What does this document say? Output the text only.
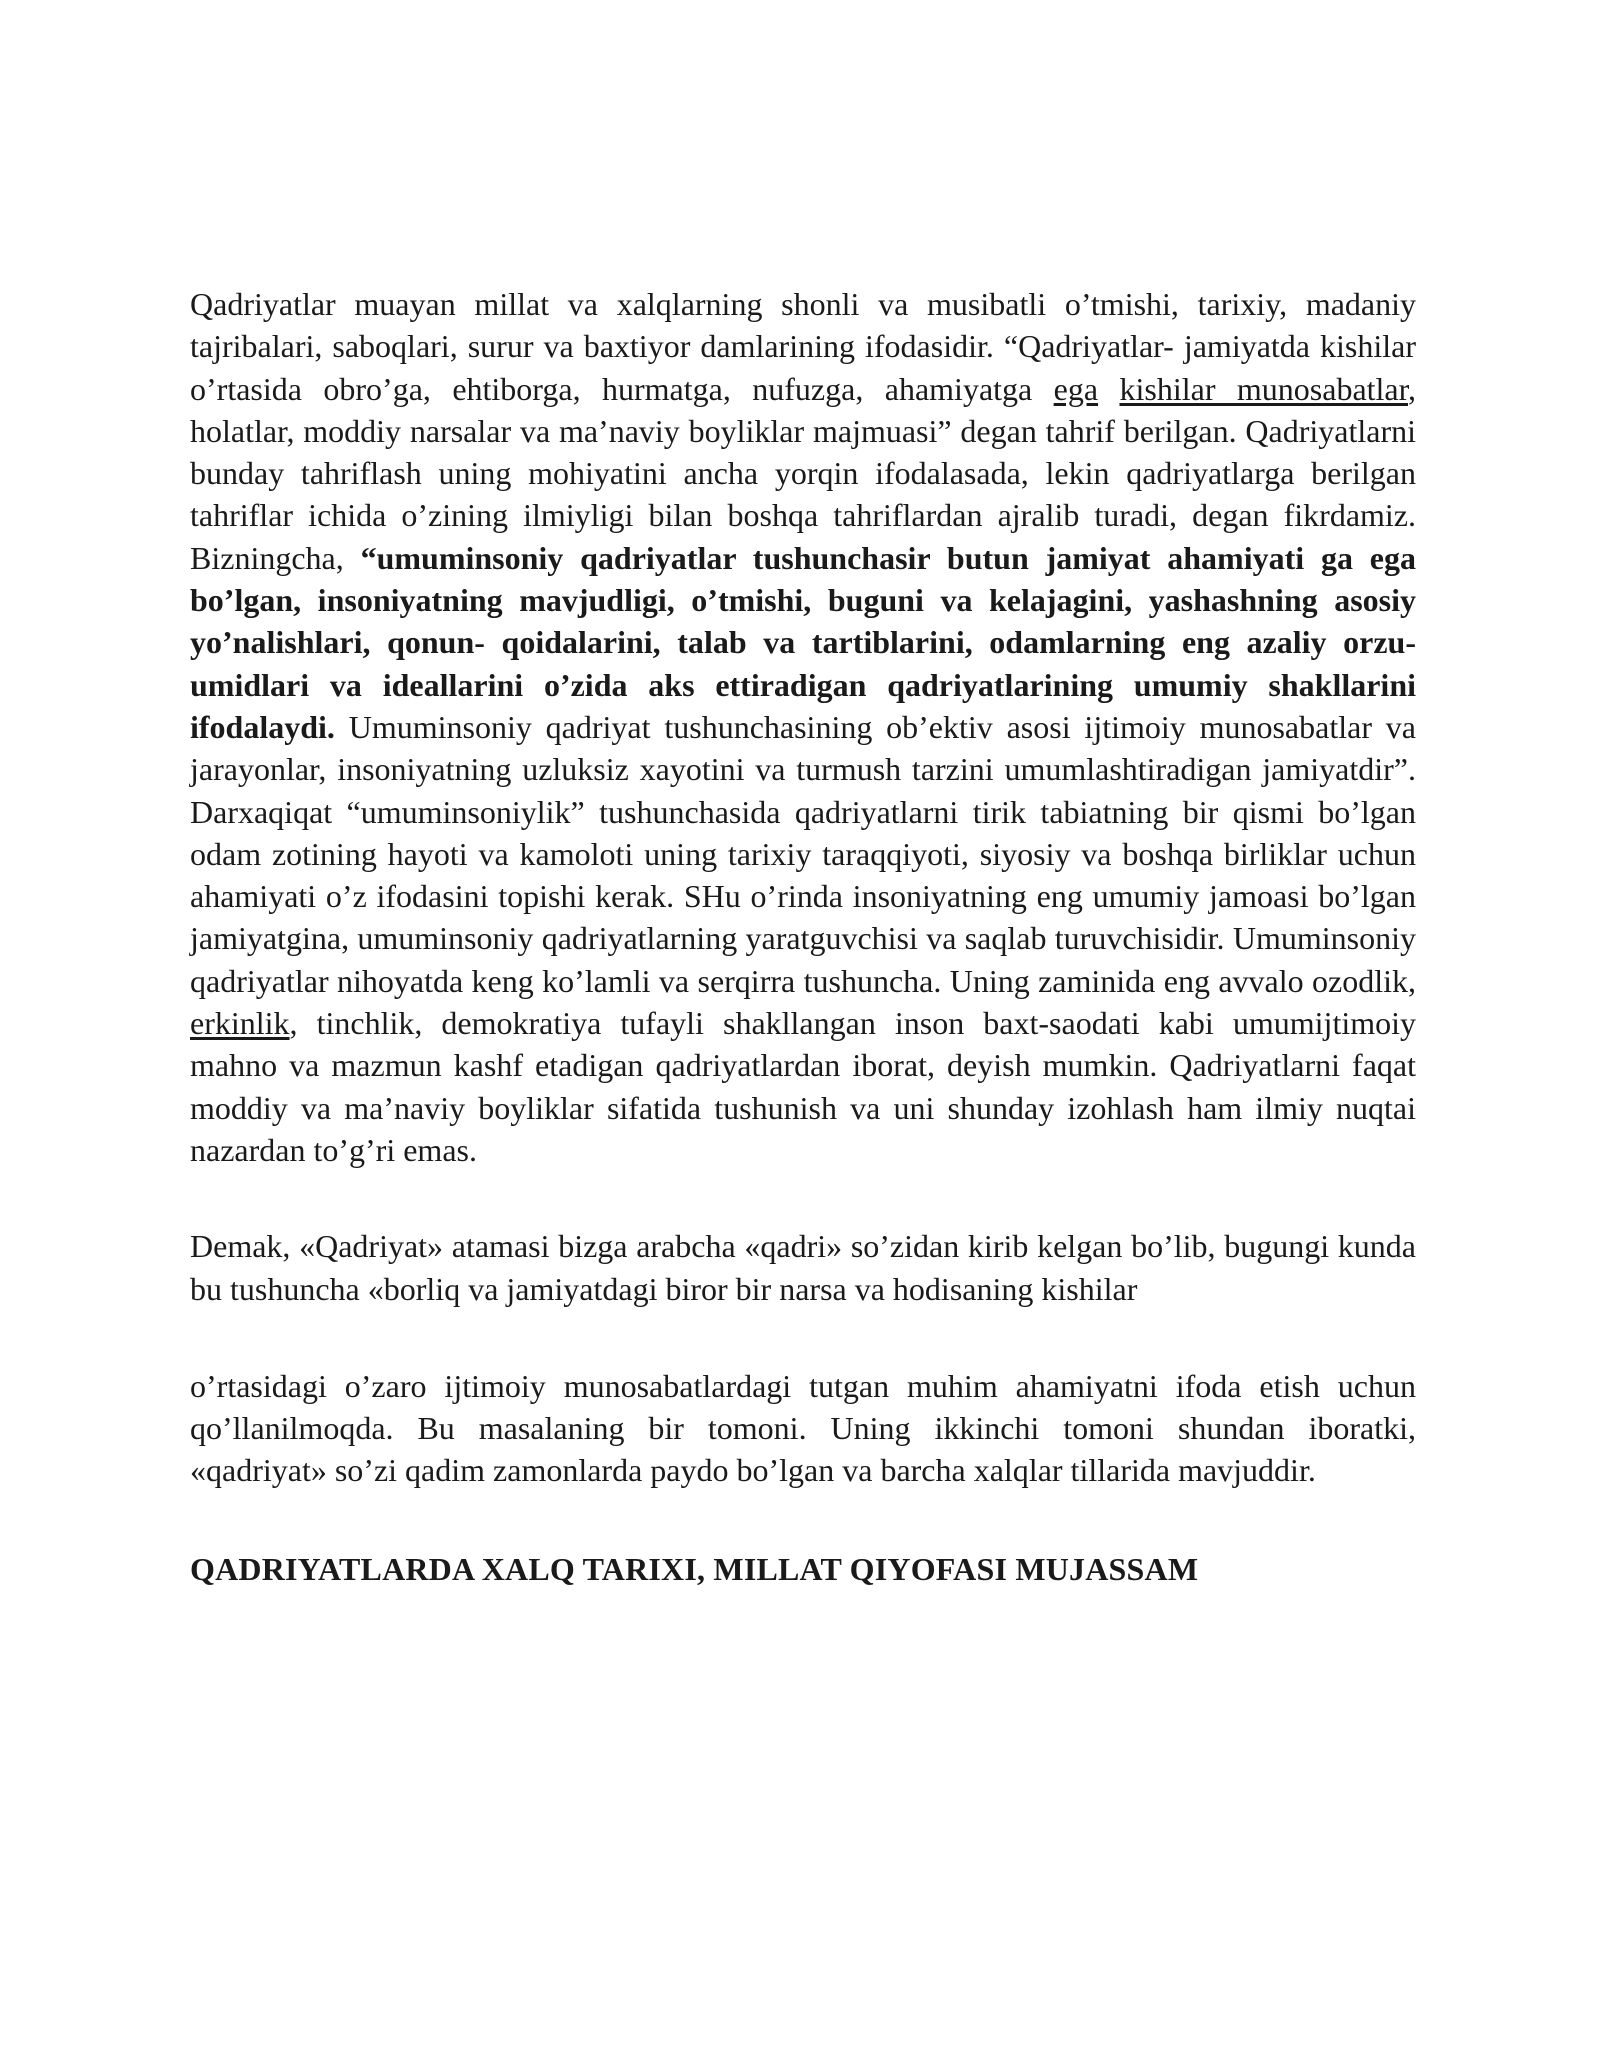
Qadriyatlar muayan millat va xalqlarning shonli va musibatli o’tmishi, tarixiy, madaniy tajribalari, saboqlari, surur va baxtiyor damlarining ifodasidir. “Qadriyatlar- jamiyatda kishilar o’rtasida obro’ga, ehtiborga, hurmatga, nufuzga, ahamiyatga ega kishilar munosabatlar, holatlar, moddiy narsalar va ma’naviy boyliklar majmuasi” degan tahrif berilgan. Qadriyatlarni bunday tahriflash uning mohiyatini ancha yorqin ifodalasada, lekin qadriyatlarga berilgan tahriflar ichida o’zining ilmiyligi bilan boshqa tahriflardan ajralib turadi, degan fikrdamiz. Bizningcha, “umuminsoniy qadriyatlar tushunchasir butun jamiyat ahamiyati ga ega bo’lgan, insoniyatning mavjudligi, o’tmishi, buguni va kelajagini, yashashning asosiy yo’nalishlari, qonun- qoidalarini, talab va tartiblarini, odamlarning eng azaliy orzu-umidlari va ideallarini o’zida aks ettiradigan qadriyatlarining umumiy shakllarini ifodalaydi. Umuminsoniy qadriyat tushunchasining ob’ektiv asosi ijtimoiy munosabatlar va jarayonlar, insoniyatning uzluksiz xayotini va turmush tarzini umumlashtiradigan jamiyatdir”. Darxaqiqat “umuminsoniylik” tushunchasida qadriyatlarni tirik tabiatning bir qismi bo’lgan odam zotining hayoti va kamoloti uning tarixiy taraqqiyoti, siyosiy va boshqa birliklar uchun ahamiyati o’z ifodasini topishi kerak. SHu o’rinda insoniyatning eng umumiy jamoasi bo’lgan jamiyatgina, umuminsoniy qadriyatlarning yaratguvchisi va saqlab turuvchisidir. Umuminsoniy qadriyatlar nihoyatda keng ko’lamli va serqirra tushuncha. Uning zaminida eng avvalo ozodlik, erkinlik, tinchlik, demokratiya tufayli shakllangan inson baxt-saodati kabi umumijtimoiy mahno va mazmun kashf etadigan qadriyatlardan iborat, deyish mumkin. Qadriyatlarni faqat moddiy va ma’naviy boyliklar sifatida tushunish va uni shunday izohlash ham ilmiy nuqtai nazardan to’g’ri emas.

Demak, «Qadriyat» atamasi bizga arabcha «qadri» so’zidan kirib kelgan bo’lib, bugungi kunda bu tushuncha «borliq va jamiyatdagi biror bir narsa va hodisaning kishilar

o’rtasidagi o’zaro ijtimoiy munosabatlardagi tutgan muhim ahamiyatni ifoda etish uchun qo’llanilmoqda. Bu masalaning bir tomoni. Uning ikkinchi tomoni shundan iboratki, «qadriyat» so’zi qadim zamonlarda paydo bo’lgan va barcha xalqlar tillarida mavjuddir.

QADRIYATLARDA XALQ TARIXI, MILLAT QIYOFASI MUJASSAM
